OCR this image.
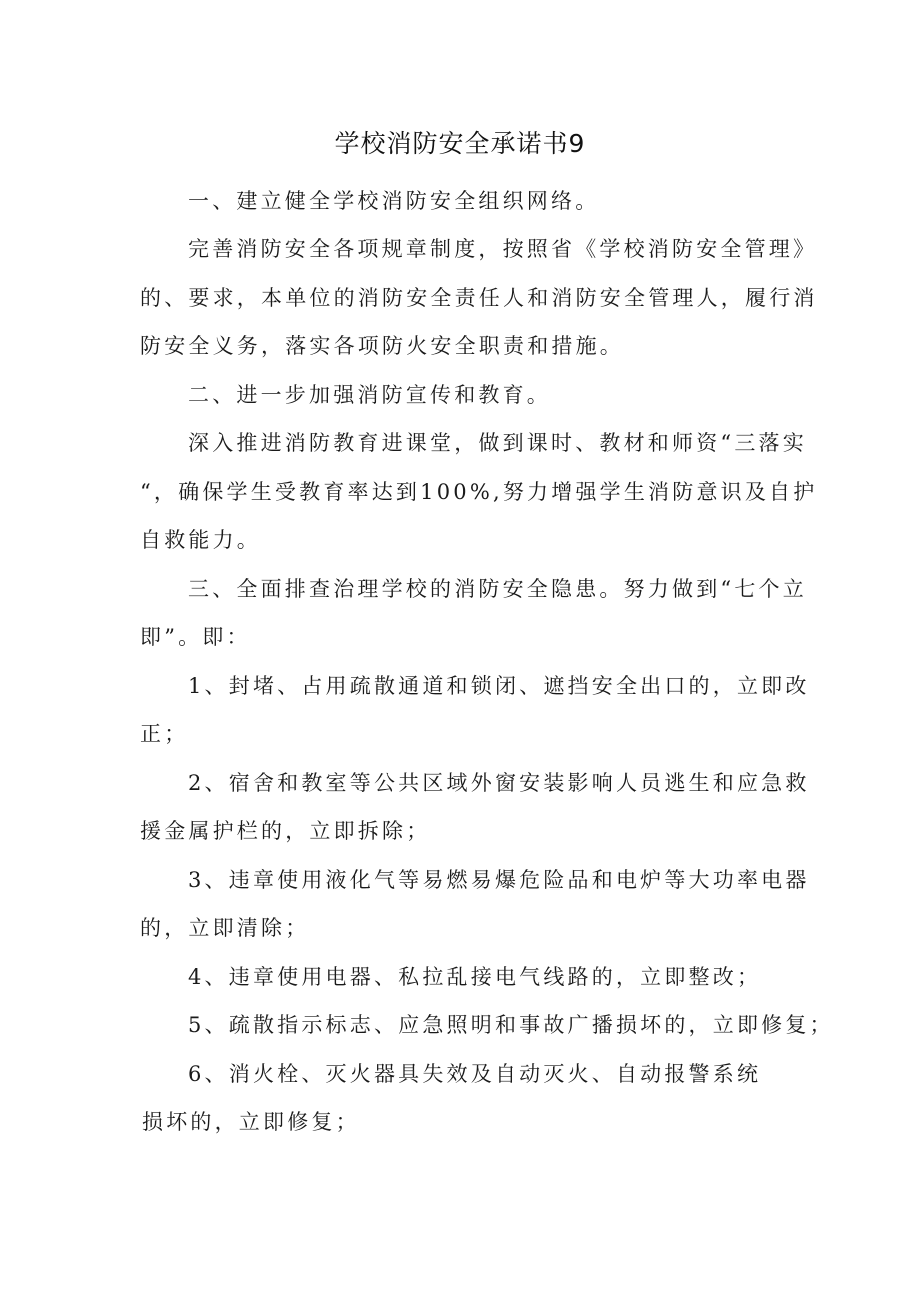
学校消防安全承诺书9
一、建立健全学校消防安全组织网络。
完善消防安全各项规章制度，按照省《学校消防安全管理》
的、要求，本单位的消防安全责任人和消防安全管理人，履行消
防安全义务，落实各项防火安全职责和措施。
二、进一步加强消防宣传和教育。
深入推进消防教育进课堂，做到课时、教材和师资“三落实
“，确保学生受教育率达到100%,努力增强学生消防意识及自护
自救能力。
三、全面排查治理学校的消防安全隐患。努力做到“七个立
即”。即：
1、封堵、占用疏散通道和锁闭、遮挡安全出口的，立即改
正；
2、宿舍和教室等公共区域外窗安装影响人员逃生和应急救
援金属护栏的，立即拆除；
3、违章使用液化气等易燃易爆危险品和电炉等大功率电器
的，立即清除；
4、违章使用电器、私拉乱接电气线路的，立即整改；
5、疏散指示标志、应急照明和事故广播损坏的，立即修复；
6、消火栓、灭火器具失效及自动灭火、自动报警系统
损坏的，立即修复；
